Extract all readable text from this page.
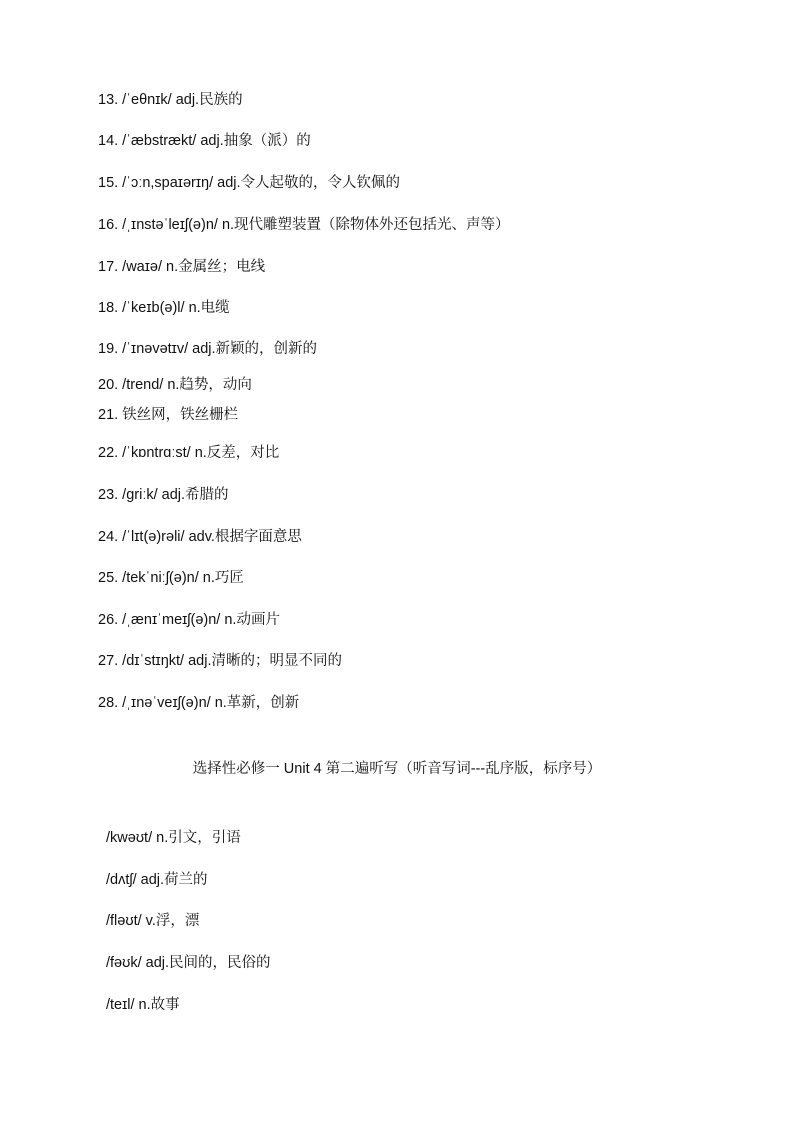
13. /ˈeθnɪk/ adj.民族的
14. /ˈæbstrækt/ adj.抽象（派）的
15. /ˈɔːn,spaɪərɪŋ/ adj.令人起敬的，令人钦佩的
16. /ˌɪnstəˈleɪʃ(ə)n/ n.现代雕塑装置（除物体外还包括光、声等）
17. /waɪə/ n.金属丝；电线
18. /ˈkeɪb(ə)l/ n.电缆
19. /ˈɪnəvətɪv/ adj.新颖的，创新的
20. /trend/ n.趋势，动向
21. 铁丝网，铁丝栅栏
22. /ˈkɒntrɑːst/ n.反差，对比
23. /ɡriːk/ adj.希腊的
24. /ˈlɪt(ə)rəli/ adv.根据字面意思
25. /tekˈniːʃ(ə)n/ n.巧匠
26. /ˌænɪˈmeɪʃ(ə)n/ n.动画片
27. /dɪˈstɪŋkt/ adj.清晰的；明显不同的
28. /ˌɪnəˈveɪʃ(ə)n/ n.革新，创新
选择性必修一 Unit 4 第二遍听写（听音写词---乱序版，标序号）
/kwəʊt/ n.引文，引语
/dʌtʃ/ adj.荷兰的
/fləʊt/ v.浮，漂
/fəʊk/ adj.民间的，民俗的
/teɪl/ n.故事
